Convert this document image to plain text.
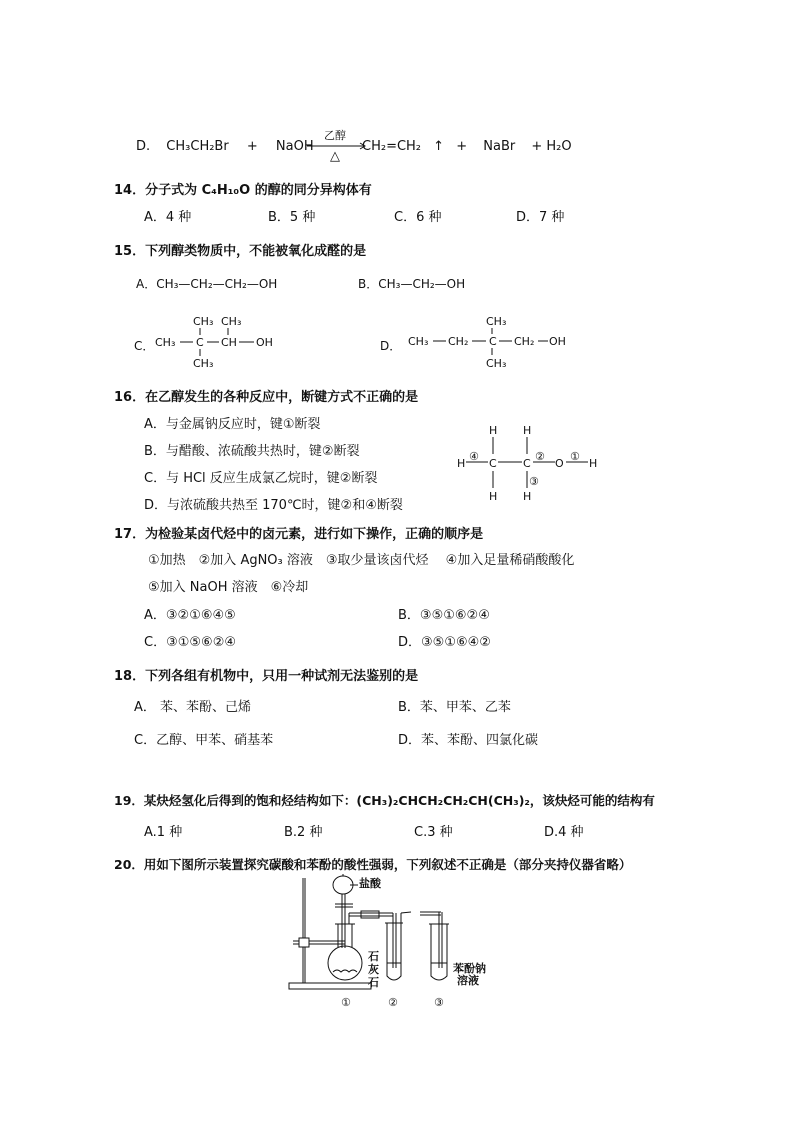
D. CH₃CH₂Br + NaOH
乙醇
△
CH₂=CH₂ ↑ + NaBr + H₂O
14．分子式为 C₄H₁₀O 的醇的同分异构体有
A．4 种	B．5 种	C．6 种	D．7 种
15．下列醇类物质中，不能被氧化成醛的是
A．CH₃—CH₂—CH₂—OH	B．CH₃—CH₂—OH
C．
CH₃ CH₃
CH₃ C CH OH
CH₃
D． CH₃ CH₂
CH₃
C CH₂ OH
CH₃
16．在乙醇发生的各种反应中，断键方式不正确的是
A．与金属钠反应时，键①断裂
B．与醋酸、浓硫酸共热时，键②断裂
C．与 HCl 反应生成氯乙烷时，键②断裂
D．与浓硫酸共热至 170℃时，键②和④断裂
H H
H
④
C C
②
O
①
H
③
H H
17．为检验某卤代烃中的卤元素，进行如下操作，正确的顺序是
①加热　②加入 AgNO₃ 溶液　③取少量该卤代烃　 ④加入足量稀硝酸酸化
⑤加入 NaOH 溶液　⑥冷却
A．③②①⑥④⑤	B．③⑤①⑥②④
C．③①⑤⑥②④	D．③⑤①⑥④②
18．下列各组有机物中，只用一种试剂无法鉴别的是
A． 苯、苯酚、己烯	B．苯、甲苯、乙苯
C．乙醇、甲苯、硝基苯	D．苯、苯酚、四氯化碳
19．某炔烃氢化后得到的饱和烃结构如下：(CH₃)₂CHCH₂CH₂CH(CH₃)₂，该炔烃可能的结构有
A.1 种	B.2 种	C.3 种	D.4 种
20．用如下图所示装置探究碳酸和苯酚的酸性强弱，下列叙述不正确是（部分夹持仪器省略）
盐酸
石
灰
石
苯酚钠
溶液
①	②	③
